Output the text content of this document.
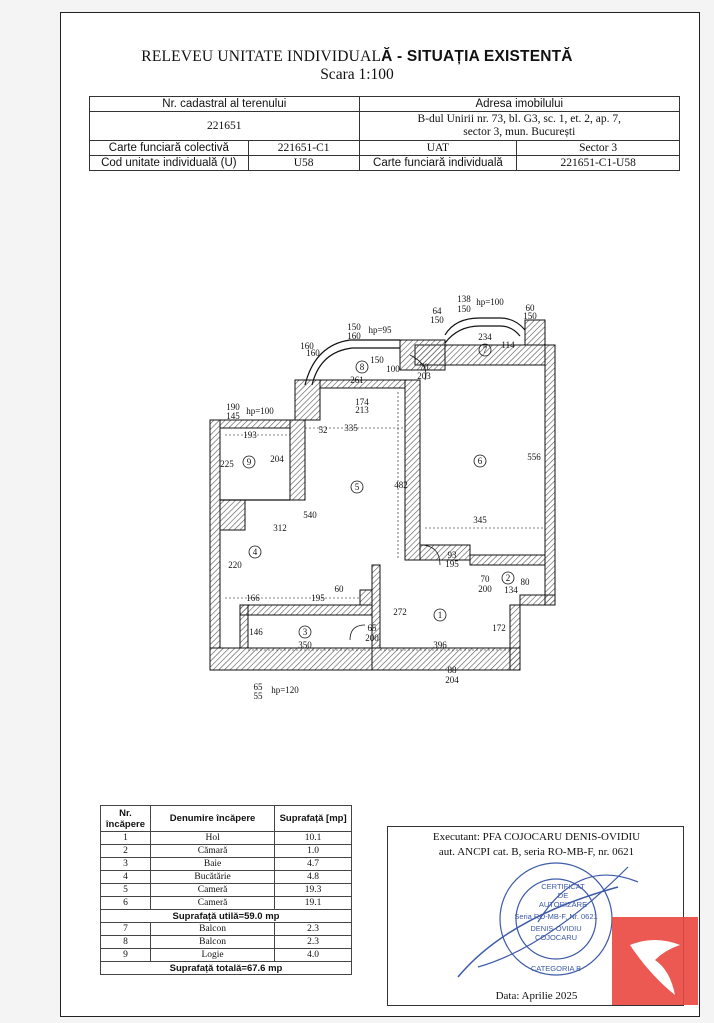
RELEVEU UNITATE INDIVIDUALĂ - SITUAȚIA EXISTENTĂ
Scara 1:100
Nr. cadastral al terenului		Adresa imobilului	
221651		B-dul Unirii nr. 73, bl. G3, sc. 1, et. 2, ap. 7,
sector 3, mun. București	
Carte funciară colectivă	221651-C1	UAT	Sector 3
Cod unitate individuală (U)	U58	Carte funciară individuală	221651-C1-U58
1
2
3
4
5
6
7
8
9
138
150
hp=100
60
150
64
150
150
160
hp=95
160
160
234
114
150
70
203
100
261
174
213
190
145 hp=100
193
335
52
225	204
482
556
312
540
220
345
93
195
70
200 134
80
166	195
60
272
65
200
146
350	396
172
88
204
65
55
hp=120
Nr. încăpere	Denumire încăpere	Suprafață [mp]
1	Hol	10.1
2	Cămară	1.0
3	Baie	4.7
4	Bucătărie	4.8
5	Cameră	19.3
6	Cameră	19.1
Suprafață utilă=59.0 mp		
7	Balcon	2.3
8	Balcon	2.3
9	Logie	4.0
Suprafață totală=67.6 mp		
Executant: PFA COJOCARU DENIS-OVIDIU
aut. ANCPI cat. B, seria RO-MB-F, nr. 0621
CERTIFICAT
DE
AUTORIZARE
Seria RO-MB-F, Nr. 0621
DENIS-OVIDIU
COJOCARU
CATEGORIA B
Data: Aprilie 2025
